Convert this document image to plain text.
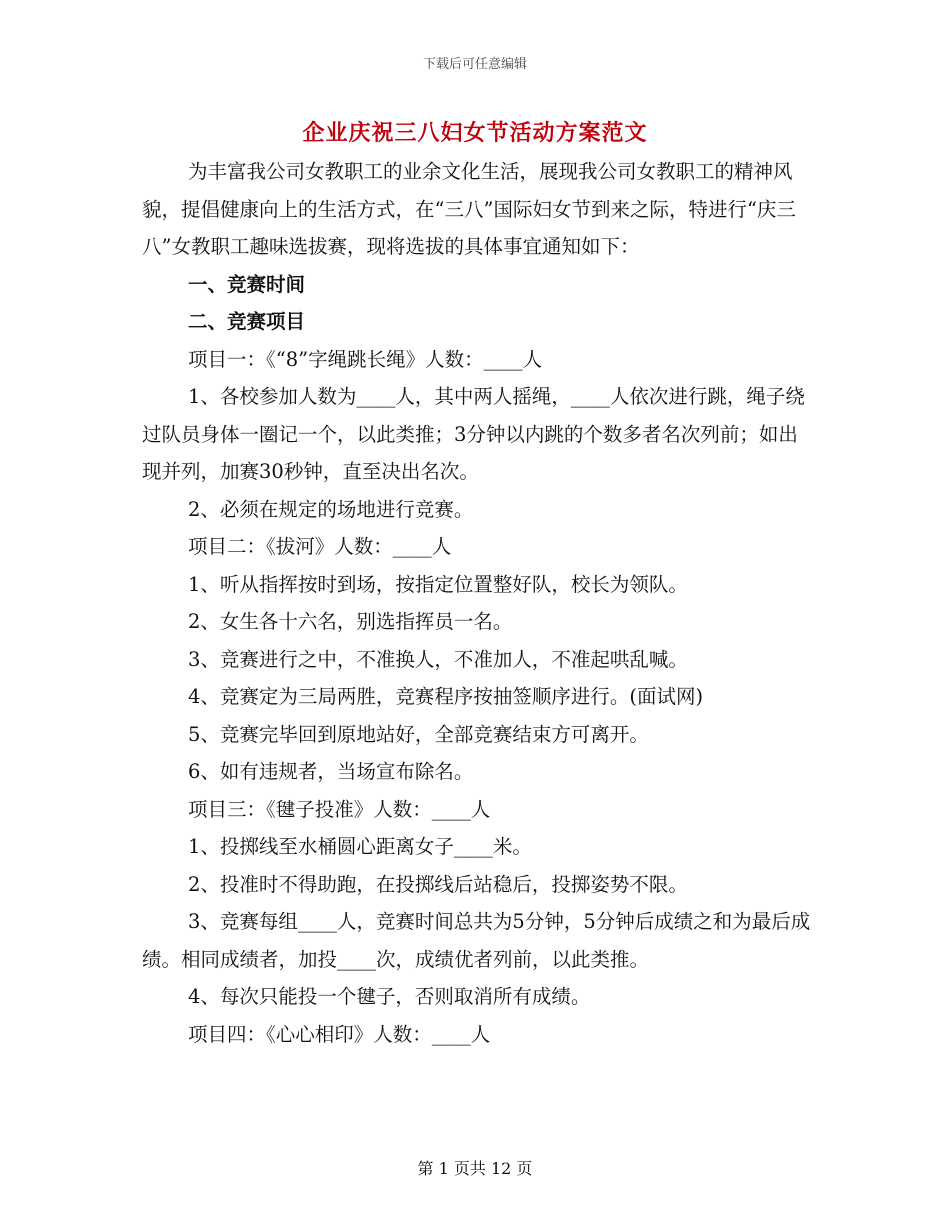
下载后可任意编辑
企业庆祝三八妇女节活动方案范文

为丰富我公司女教职工的业余文化生活，展现我公司女教职工的精神风貌，提倡健康向上的生活方式，在“三八”国际妇女节到来之际，特进行“庆三八”女教职工趣味选拔赛，现将选拔的具体事宜通知如下：

一、竞赛时间

二、竞赛项目

项目一：《“8”字绳跳长绳》人数：____人

1、各校参加人数为____人，其中两人摇绳，____人依次进行跳，绳子绕过队员身体一圈记一个，以此类推；3分钟以内跳的个数多者名次列前；如出现并列，加赛30秒钟，直至决出名次。

2、必须在规定的场地进行竞赛。

项目二：《拔河》人数：____人

1、听从指挥按时到场，按指定位置整好队，校长为领队。

2、女生各十六名，别选指挥员一名。

3、竞赛进行之中，不准换人，不准加人，不准起哄乱喊。

4、竞赛定为三局两胜，竞赛程序按抽签顺序进行。(面试网)

5、竞赛完毕回到原地站好，全部竞赛结束方可离开。

6、如有违规者，当场宣布除名。

项目三：《毽子投准》人数：____人

1、投掷线至水桶圆心距离女子____米。

2、投准时不得助跑，在投掷线后站稳后，投掷姿势不限。

3、竞赛每组____人，竞赛时间总共为5分钟，5分钟后成绩之和为最后成绩。相同成绩者，加投____次，成绩优者列前，以此类推。

4、每次只能投一个毽子，否则取消所有成绩。

项目四：《心心相印》人数：____人

第 1 页共 12 页
